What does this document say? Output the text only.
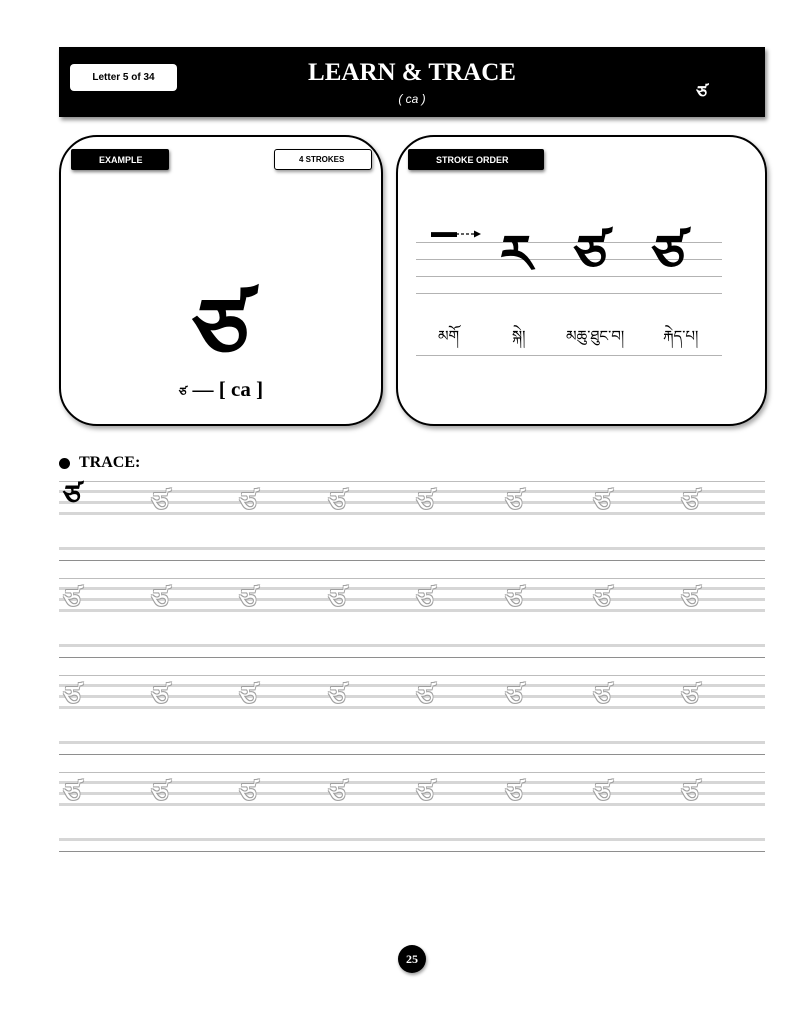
Letter 5 of 34	LEARN & TRACE
( ca )	ཙ
EXAMPLE	4 STROKES
ཙ
ཙ — [ ca ]
STROKE ORDER
‾ ར ཙ ཙ
མགོ	སྐེ།	མཆུ་ཐུང་བ།	རྐེད་པ།
TRACE:
ཙ	ཙ	ཙ	ཙ	ཙ	ཙ	ཙ	ཙ
ཙ	ཙ	ཙ	ཙ	ཙ	ཙ	ཙ	ཙ
ཙ	ཙ	ཙ	ཙ	ཙ	ཙ	ཙ	ཙ
ཙ	ཙ	ཙ	ཙ	ཙ	ཙ	ཙ	ཙ
25
